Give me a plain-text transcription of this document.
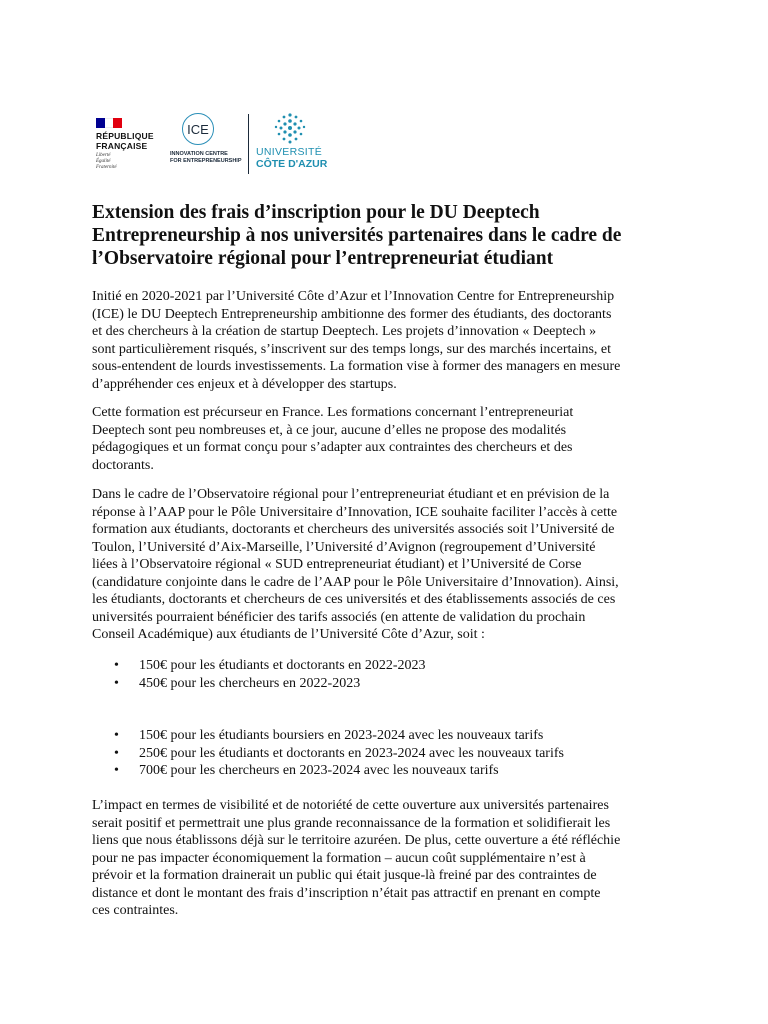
RÉPUBLIQUE
FRANÇAISE
Liberté
Égalité
Fraternité
ICE
INNOVATION CENTRE
FOR ENTREPRENEURSHIP
UNIVERSITÉ
CÔTE D'AZUR
Extension des frais d’inscription pour le DU Deeptech
Entrepreneurship à nos universités partenaires dans le cadre de
l’Observatoire régional pour l’entrepreneuriat étudiant

Initié en 2020-2021 par l’Université Côte d’Azur et l’Innovation Centre for Entrepreneurship
(ICE) le DU Deeptech Entrepreneurship ambitionne des former des étudiants, des doctorants
et des chercheurs à la création de startup Deeptech. Les projets d’innovation « Deeptech »
sont particulièrement risqués, s’inscrivent sur des temps longs, sur des marchés incertains, et
sous-entendent de lourds investissements. La formation vise à former des managers en mesure
d’appréhender ces enjeux et à développer des startups.

Cette formation est précurseur en France. Les formations concernant l’entrepreneuriat
Deeptech sont peu nombreuses et, à ce jour, aucune d’elles ne propose des modalités
pédagogiques et un format conçu pour s’adapter aux contraintes des chercheurs et des
doctorants.

Dans le cadre de l’Observatoire régional pour l’entrepreneuriat étudiant et en prévision de la
réponse à l’AAP pour le Pôle Universitaire d’Innovation, ICE souhaite faciliter l’accès à cette
formation aux étudiants, doctorants et chercheurs des universités associés soit l’Université de
Toulon, l’Université d’Aix-Marseille, l’Université d’Avignon (regroupement d’Université
liées à l’Observatoire régional « SUD entrepreneuriat étudiant) et l’Université de Corse
(candidature conjointe dans le cadre de l’AAP pour le Pôle Universitaire d’Innovation). Ainsi,
les étudiants, doctorants et chercheurs de ces universités et des établissements associés de ces
universités pourraient bénéficier des tarifs associés (en attente de validation du prochain
Conseil Académique) aux étudiants de l’Université Côte d’Azur, soit :

• 150€ pour les étudiants et doctorants en 2022-2023
• 450€ pour les chercheurs en 2022-2023
• 150€ pour les étudiants boursiers en 2023-2024 avec les nouveaux tarifs
• 250€ pour les étudiants et doctorants en 2023-2024 avec les nouveaux tarifs
• 700€ pour les chercheurs en 2023-2024 avec les nouveaux tarifs

L’impact en termes de visibilité et de notoriété de cette ouverture aux universités partenaires
serait positif et permettrait une plus grande reconnaissance de la formation et solidifierait les
liens que nous établissons déjà sur le territoire azuréen. De plus, cette ouverture a été réfléchie
pour ne pas impacter économiquement la formation – aucun coût supplémentaire n’est à
prévoir et la formation drainerait un public qui était jusque-là freiné par des contraintes de
distance et dont le montant des frais d’inscription n’était pas attractif en prenant en compte
ces contraintes.
